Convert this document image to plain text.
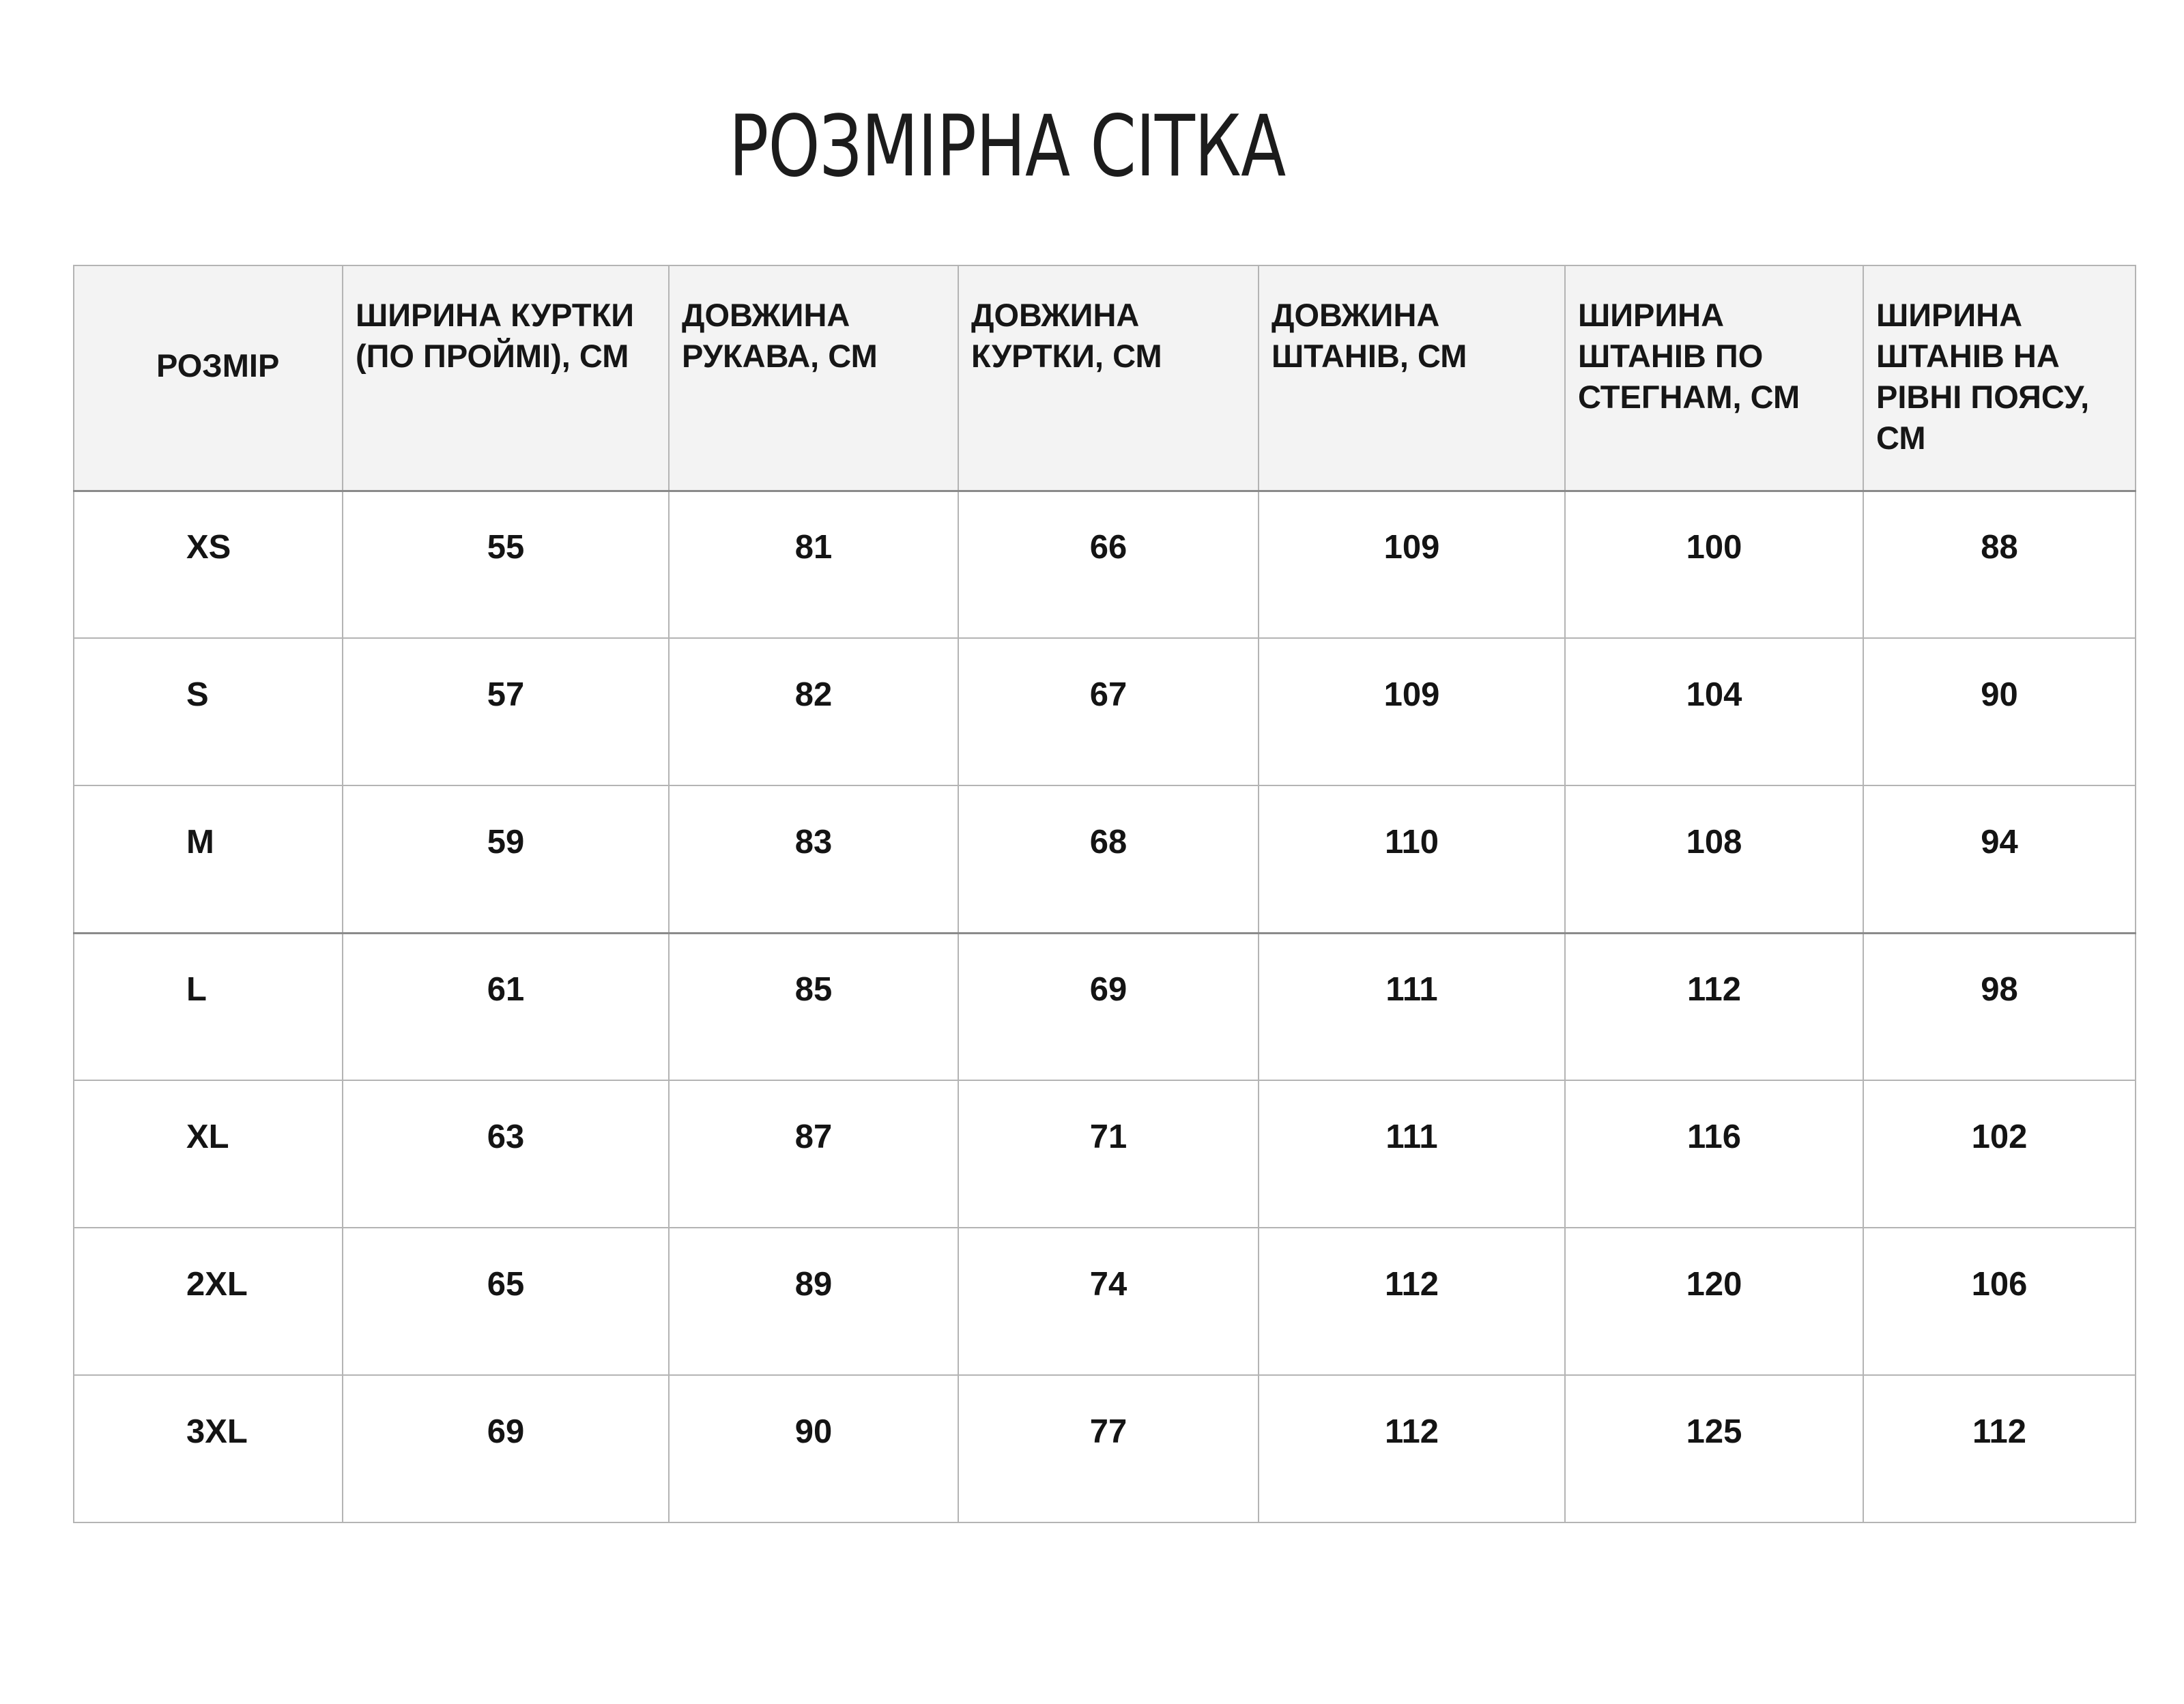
РОЗМІРНА СІТКА
РОЗМІР	ШИРИНА КУРТКИ (ПО ПРОЙМІ), СМ	ДОВЖИНА РУКАВА, СМ	ДОВЖИНА КУРТКИ, СМ	ДОВЖИНА ШТАНІВ, СМ	ШИРИНА ШТАНІВ ПО СТЕГНАМ, СМ	ШИРИНА ШТАНІВ НА РІВНІ ПОЯСУ, СМ
XS	55	81	66	109	100	88
S	57	82	67	109	104	90
M	59	83	68	110	108	94
L	61	85	69	111	112	98
XL	63	87	71	111	116	102
2XL	65	89	74	112	120	106
3XL	69	90	77	112	125	112
